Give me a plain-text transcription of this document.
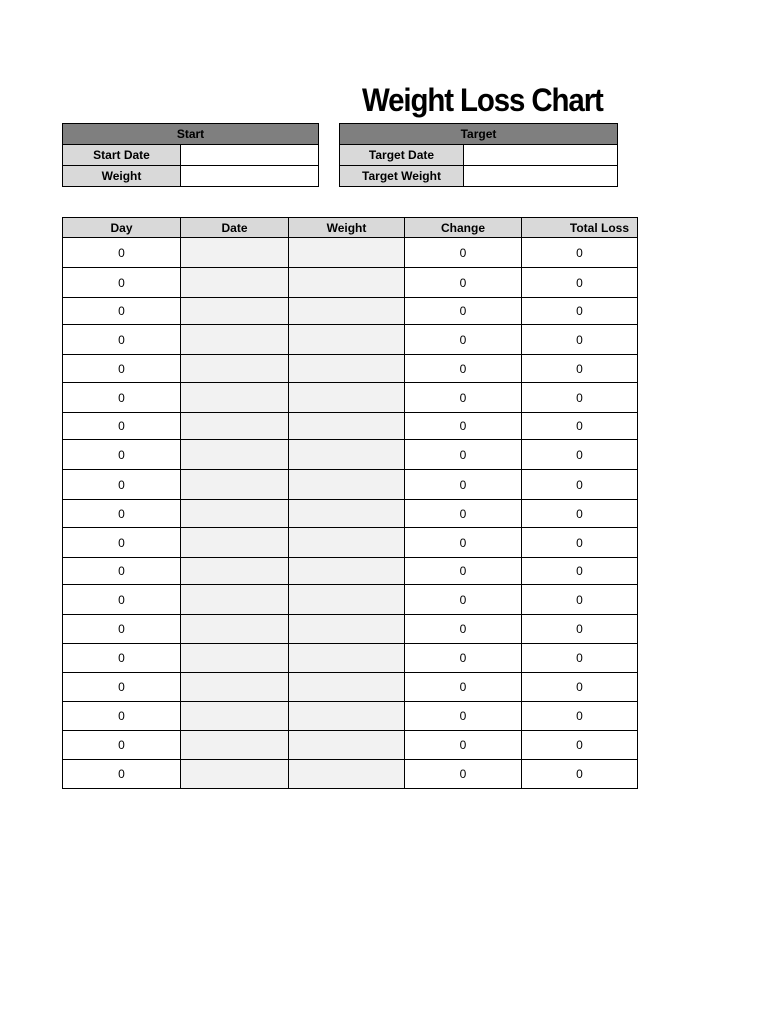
Weight Loss Chart
Start	
Start Date	
Weight	
Target	
Target Date	
Target Weight	
Day	Date	Weight	Change	Total Loss
0			0	0
0			0	0
0			0	0
0			0	0
0			0	0
0			0	0
0			0	0
0			0	0
0			0	0
0			0	0
0			0	0
0			0	0
0			0	0
0			0	0
0			0	0
0			0	0
0			0	0
0			0	0
0			0	0
